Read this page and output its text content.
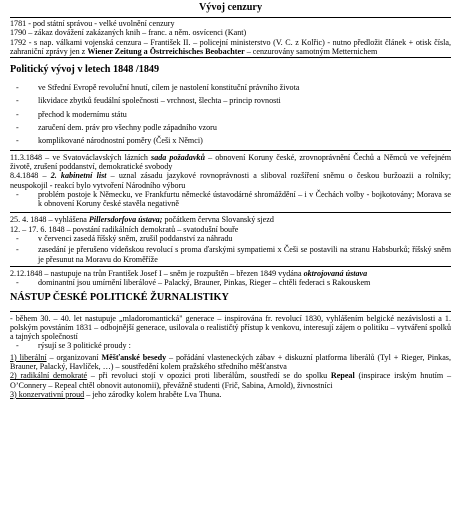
Vývoj cenzury

1781 - pod státní správou - velké uvolnění cenzury

1790 – zákaz dovážení zakázaných knih – franc. a něm. osvícenci (Kant)

1792 - s nap. válkami vojenská cenzura – František II. – policejní ministerstvo (V. C. z Kolřic) - nutno předložit článek + otisk čísla, zahraniční zprávy jen z Wiener Zeitung a Östrreichisches Beobachter – cenzurovány samotným Metternichem

Politický vývoj v letech 1848 /1849
- ve Střední Evropě revoluční hnutí, cílem je nastolení konstituční právního života
- likvidace zbytků feudální společnosti – vrchnost, šlechta – princip rovnosti
- přechod k modernímu státu
- zaručení dem. práv pro všechny podle západního vzoru
- komplikované národnostní poměry (Češi x Němci)

11.3.1848 – ve Svatováclavských lázních sada požadavků – obnovení Koruny české, zrovnoprávnění Čechů a Němců ve veřejném životě, zrušení poddanství, demokratické svobody

8.4.1848 – 2. kabinetní list – uznal zásadu jazykové rovnoprávnosti a sliboval rozšíření sněmu o českou buržoazii a rolníky; neuspokojil - reakcí bylo vytvoření Národního výboru

- problém postoje k Německu, ve Frankfurtu německé ústavodárné shromáždění – i v Čechách volby - bojkotovány; Morava se k obnovení Koruny české stavěla negativně

25. 4. 1848 – vyhlášena Pillersdorfova ústava; počátkem června Slovanský sjezd

12. – 17. 6. 1848 – povstání radikálních demokratů – svatodušní bouře

- v červenci zasedá říšský sněm, zrušil poddanství za náhradu
- zasedání je přerušeno vídeňskou revolucí s proma ďarskými sympatiemi x Češi se postavili na stranu Habsburků; říšský sněm je přesunut na Moravu do Kroměříže

2.12.1848 – nastupuje na trůn František Josef I – sněm je rozpuštěn – březen 1849 vydána oktrojovaná ústava

- dominantní jsou umírnění liberálové – Palacký, Brauner, Pinkas, Rieger – chtěli federaci s Rakouskem
NÁSTUP ČESKÉ POLITICKÉ ŽURNALISTIKY

- během 30. – 40. let nastupuje „mladoromantická" generace – inspirována fr. revolucí 1830, vyhlášením belgické nezávislosti a 1. polským povstáním 1831 – odbojnější generace, usilovala o realističtý přístup k venkovu, interesují zájem o politiku – vytváření spolků a tajných společností

- rýsují se 3 politické proudy :

1) liberální – organizovaní Měšťanské besedy – pořádání vlasteneckých zábav + diskuzní platforma liberálů (Tyl + Rieger, Pinkas, Brauner, Palacký, Havlíček, …) – soustředění kolem pražského středního měšťanstva

2) radikální demokraté – při revoluci stojí v opozici proti liberálům, soustředí se do spolku Repeal (inspirace irským hnutím – O’Connery – Repeal chtěl obnovit autonomii), převážně studenti (Frič, Sabina, Arnold), živnostníci

3) konzervativní proud – jeho zárodky kolem hraběte Lva Thuna.
